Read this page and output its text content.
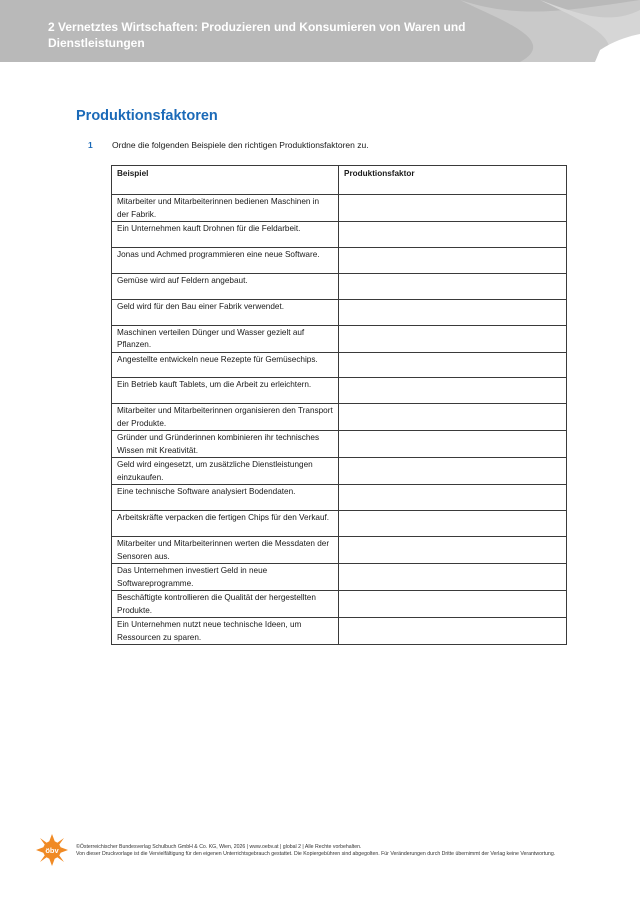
2 Vernetztes Wirtschaften: Produzieren und Konsumieren von Waren und Dienstleistungen
Produktionsfaktoren
1 Ordne die folgenden Beispiele den richtigen Produktionsfaktoren zu.
Beispiel	Produktionsfaktor
Mitarbeiter und Mitarbeiterinnen bedienen Maschinen in der Fabrik.	
Ein Unternehmen kauft Drohnen für die Feldarbeit.	
Jonas und Achmed programmieren eine neue Software.	
Gemüse wird auf Feldern angebaut.	
Geld wird für den Bau einer Fabrik verwendet.	
Maschinen verteilen Dünger und Wasser gezielt auf Pflanzen.	
Angestellte entwickeln neue Rezepte für Gemüsechips.	
Ein Betrieb kauft Tablets, um die Arbeit zu erleichtern.	
Mitarbeiter und Mitarbeiterinnen organisieren den Transport der Produkte.	
Gründer und Gründerinnen kombinieren ihr technisches Wissen mit Kreativität.	
Geld wird eingesetzt, um zusätzliche Dienstleistungen einzukaufen.	
Eine technische Software analysiert Bodendaten.	
Arbeitskräfte verpacken die fertigen Chips für den Verkauf.	
Mitarbeiter und Mitarbeiterinnen werten die Messdaten der Sensoren aus.	
Das Unternehmen investiert Geld in neue Softwareprogramme.	
Beschäftigte kontrollieren die Qualität der hergestellten Produkte.	
Ein Unternehmen nutzt neue technische Ideen, um Ressourcen zu sparen.	
öbv	©Österreichischer Bundesverlag Schulbuch GmbH & Co. KG, Wien, 2026 | www.oebv.at | global 2 | Alle Rechte vorbehalten.
Von dieser Druckvorlage ist die Vervielfältigung für den eigenen Unterrichtsgebrauch gestattet. Die Kopiergebühren sind abgegolten. Für Veränderungen durch Dritte übernimmt der Verlag keine Verantwortung.
